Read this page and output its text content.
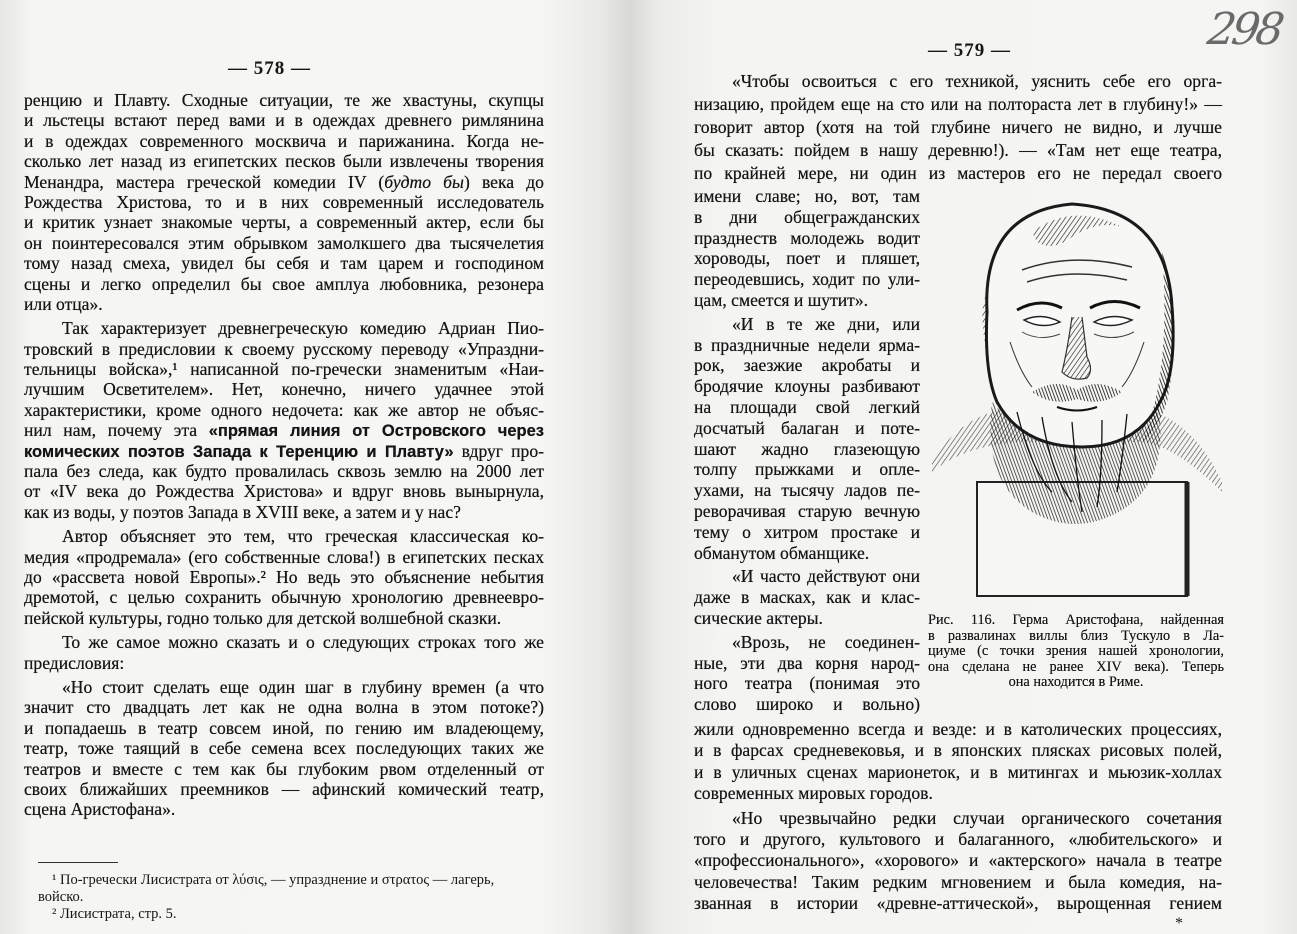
— 578 —
— 579 —	298
ренцию и Плавту. Сходные ситуации, те же хвастуны, скупцы
и льстецы встают перед вами и в одеждах древнего римлянина
и в одеждах современного москвича и парижанина. Когда не-
сколько лет назад из египетских песков были извлечены творения
Менандра, мастера греческой комедии IV (будто бы) века до
Рождества Христова, то и в них современный исследователь
и критик узнает знакомые черты, а современный актер, если бы
он поинтересовался этим обрывком замолкшего два тысячелетия
тому назад смеха, увидел бы себя и там царем и господином
сцены и легко определил бы свое амплуа любовника, резонера
или отца».
Так характеризует древнегреческую комедию Адриан Пио-
тровский в предисловии к своему русскому переводу «Упраздни-
тельницы войска»,¹ написанной по-гречески знаменитым «Наи-
лучшим Осветителем». Нет, конечно, ничего удачнее этой
характеристики, кроме одного недочета: как же автор не объяс-
нил нам, почему эта «прямая линия от Островского через
комических поэтов Запада к Теренцию и Плавту» вдруг про-
пала без следа, как будто провалилась сквозь землю на 2000 лет
от «IV века до Рождества Христова» и вдруг вновь вынырнула,
как из воды, у поэтов Запада в XVIII веке, а затем и у нас?
Автор объясняет это тем, что греческая классическая ко-
медия «продремала» (его собственные слова!) в египетских песках
до «рассвета новой Европы».² Но ведь это объяснение небытия
дремотой, с целью сохранить обычную хронологию древнеевро-
пейской культуры, годно только для детской волшебной сказки.
То же самое можно сказать и о следующих строках того же
предисловия:
«Но стоит сделать еще один шаг в глубину времен (а что
значит сто двадцать лет как не одна волна в этом потоке?)
и попадаешь в театр совсем иной, по гению им владеющему,
театр, тоже таящий в себе семена всех последующих таких же
театров и вместе с тем как бы глубоким рвом отделенный от
своих ближайших преемников — афинский комический театр,
сцена Аристофана».
¹ По-гречески Лисистрата от λύσις, — упразднение и στρατος — лагерь,
войско.
² Лисистрата, стр. 5.
«Чтобы освоиться с его техникой, уяснить себе его орга-
низацию, пройдем еще на сто или на полтораста лет в глубину!» —
говорит автор (хотя на той глубине ничего не видно, и лучше
бы сказать: пойдем в нашу деревню!). — «Там нет еще театра,
по крайней мере, ни один из мастеров его не передал своего
имени славе; но, вот, там
в дни общегражданских
празднеств молодежь водит
хороводы, поет и пляшет,
переодевшись, ходит по ули-
цам, смеется и шутит».
«И в те же дни, или
в праздничные недели ярма-
рок, заезжие акробаты и
бродячие клоуны разбивают
на площади свой легкий
досчатый балаган и поте-
шают жадно глазеющую
толпу прыжками и опле-
ухами, на тысячу ладов пе-
реворачивая старую вечную
тему о хитром простаке и
обманутом обманщике.
«И часто действуют они
даже в масках, как и клас-
сические актеры.
«Врозь, не соединен-
ные, эти два корня народ-
ного театра (понимая это
слово широко и вольно)
жили одновременно всегда и везде: и в католических процессиях,
и в фарсах средневековья, и в японских плясках рисовых полей,
и в уличных сценах марионеток, и в митингах и мьюзик-холлах
современных мировых городов.
«Но чрезвычайно редки случаи органического сочетания
того и другого, культового и балаганного, «любительского» и
«профессионального», «хорового» и «актерского» начала в театре
человечества! Таким редким мгновением и была комедия, на-
званная в истории «древне-аттической», вырощенная гением
Рис. 116. Герма Аристофана, найденная
в развалинах виллы близ Тускуло в Ла-
циуме (с точки зрения нашей хронологии,
она сделана не ранее XIV века). Теперь
она находится в Риме.
*
